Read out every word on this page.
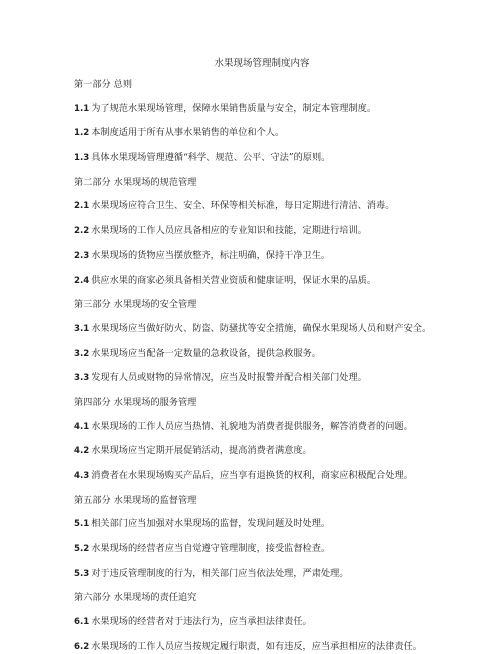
水果现场管理制度内容

第一部分 总则

1.1 为了规范水果现场管理，保障水果销售质量与安全，制定本管理制度。

1.2 本制度适用于所有从事水果销售的单位和个人。

1.3 具体水果现场管理遵循“科学、规范、公平、守法”的原则。

第二部分 水果现场的规范管理

2.1 水果现场应符合卫生、安全、环保等相关标准，每日定期进行清洁、消毒。

2.2 水果现场的工作人员应具备相应的专业知识和技能，定期进行培训。

2.3 水果现场的货物应当摆放整齐，标注明确，保持干净卫生。

2.4 供应水果的商家必须具备相关营业资质和健康证明，保证水果的品质。

第三部分 水果现场的安全管理

3.1 水果现场应当做好防火、防盗、防骚扰等安全措施，确保水果现场人员和财产安全。

3.2 水果现场应当配备一定数量的急救设备，提供急救服务。

3.3 发现有人员或财物的异常情况，应当及时报警并配合相关部门处理。

第四部分 水果现场的服务管理

4.1 水果现场的工作人员应当热情、礼貌地为消费者提供服务，解答消费者的问题。

4.2 水果现场应当定期开展促销活动，提高消费者满意度。

4.3 消费者在水果现场购买产品后，应当享有退换货的权利，商家应积极配合处理。

第五部分 水果现场的监督管理

5.1 相关部门应当加强对水果现场的监督，发现问题及时处理。

5.2 水果现场的经营者应当自觉遵守管理制度，接受监督检查。

5.3 对于违反管理制度的行为，相关部门应当依法处理，严肃处理。

第六部分 水果现场的责任追究

6.1 水果现场的经营者对于违法行为，应当承担法律责任。

6.2 水果现场的工作人员应当按规定履行职责，如有违反，应当承担相应的法律责任。
